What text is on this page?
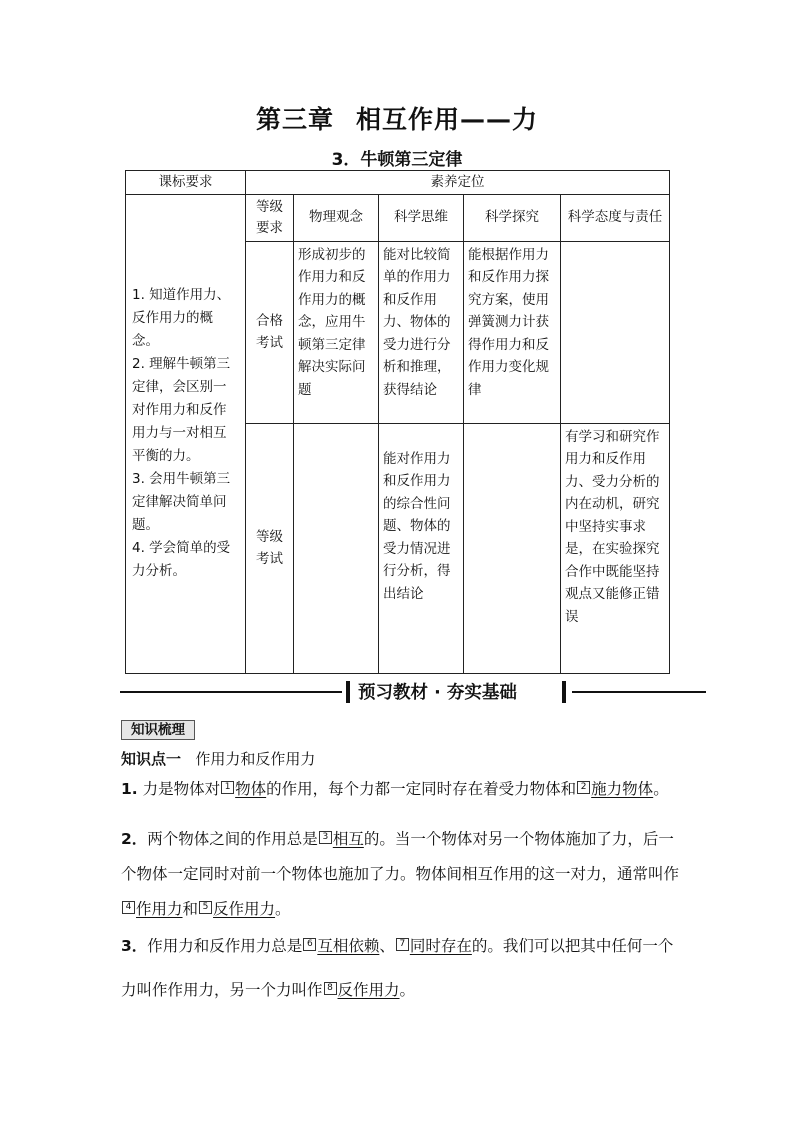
第三章 相互作用——力
3．牛顿第三定律
课标要求	素养定位				

1. 知道作用力、反作用力的概念。
2. 理解牛顿第三定律，会区别一对作用力和反作用力与一对相互平衡的力。
3. 会用牛顿第三定律解决简单问题。
4. 学会简单的受力分析。	等级要求	物理观念	科学思维	科学探究	科学态度与责任
	合格考试	形成初步的作用力和反作用力的概念，应用牛顿第三定律解决实际问题	能对比较简单的作用力和反作用力、物体的受力进行分析和推理，获得结论	能根据作用力和反作用力探究方案，使用弹簧测力计获得作用力和反作用力变化规律	
	等级考试		能对作用力和反作用力的综合性问题、物体的受力情况进行分析，得出结论		有学习和研究作用力和反作用力、受力分析的内在动机，研究中坚持实事求是，在实验探究合作中既能坚持观点又能修正错误
预习教材 · 夯实基础
知识梳理
知识点一 作用力和反作用力
1. 力是物体对 1 物体的作用，每个力都一定同时存在着受力物体和 2 施力物体。
2．两个物体之间的作用总是 3 相互的。当一个物体对另一个物体施加了力，后一个物体一定同时对前一个物体也施加了力。物体间相互作用的这一对力，通常叫作4 作用力和 5 反作用力。
3．作用力和反作用力总是 6 互相依赖、 7 同时存在的。我们可以把其中任何一个力叫作作用力，另一个力叫作 8 反作用力。
